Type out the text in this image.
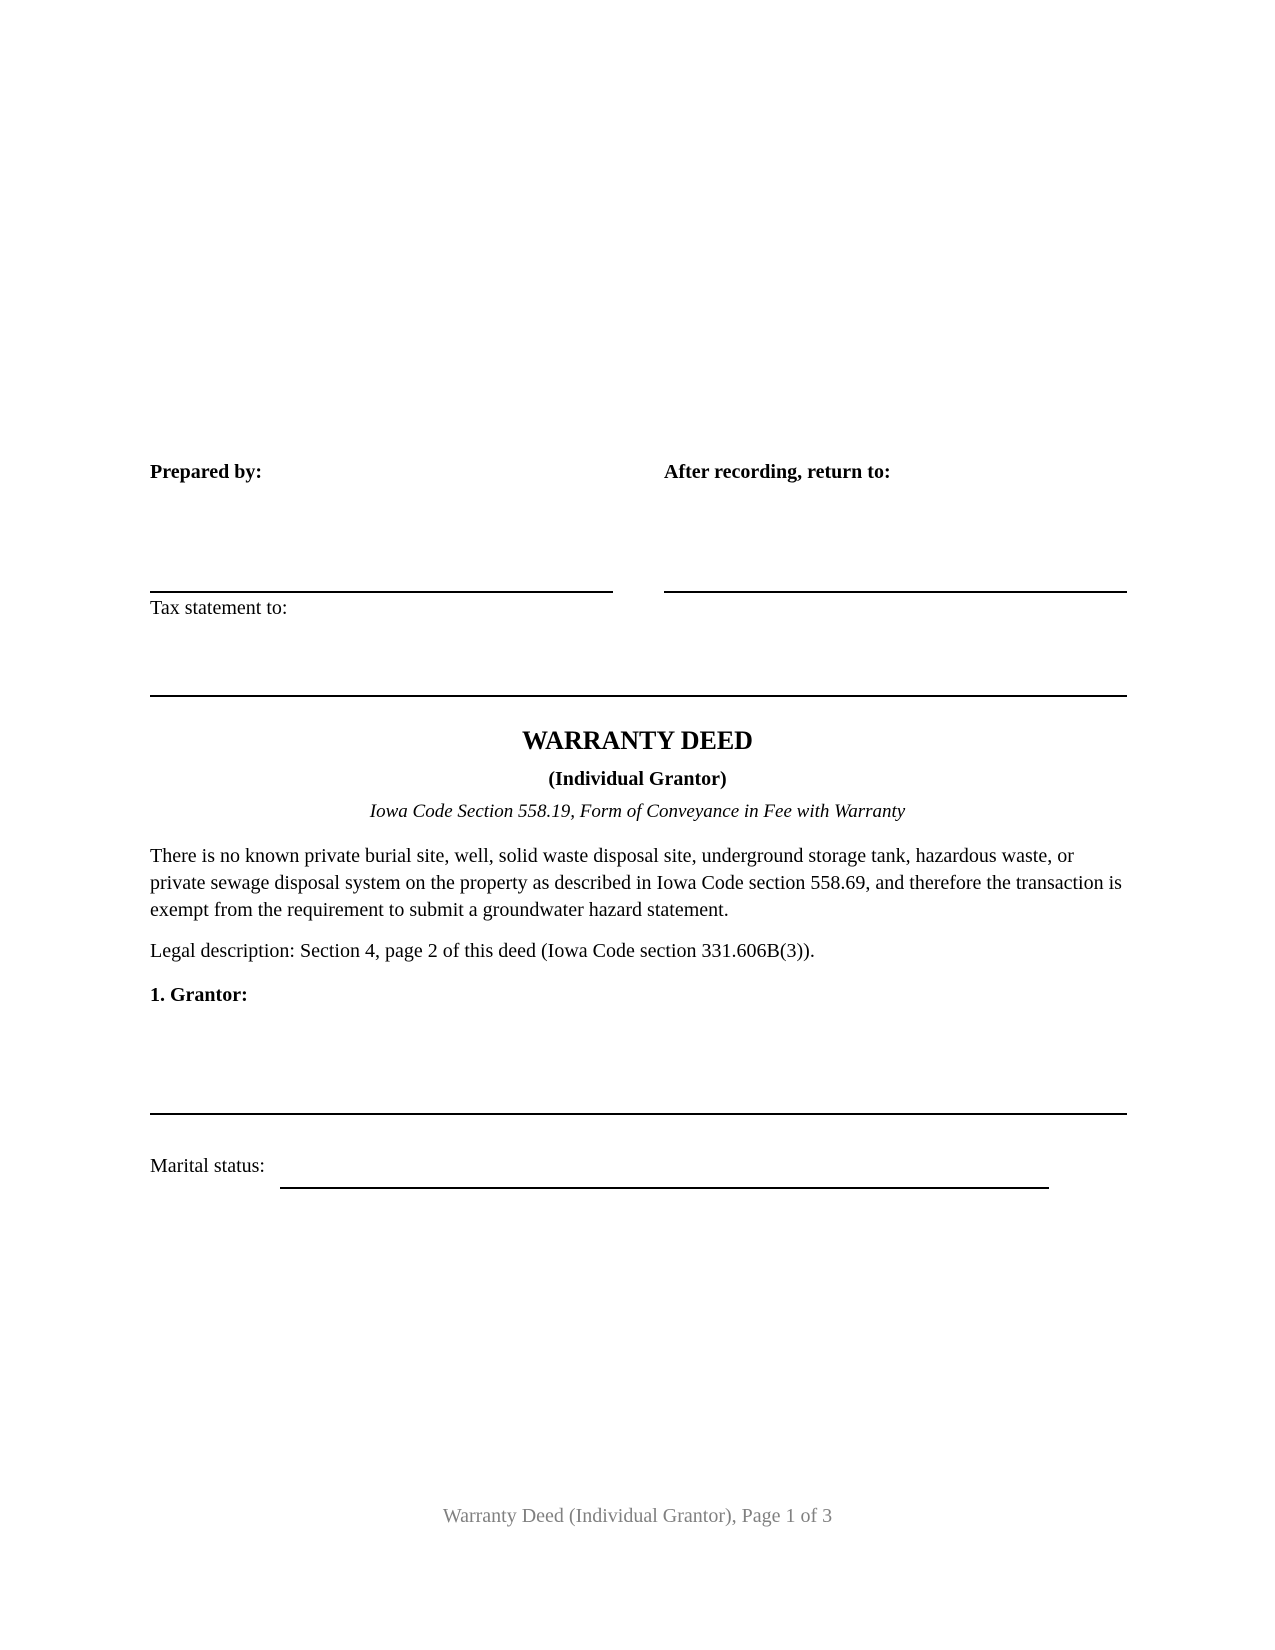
Prepared by:	After recording, return to:
Tax statement to:
WARRANTY DEED
(Individual Grantor)
Iowa Code Section 558.19, Form of Conveyance in Fee with Warranty
There is no known private burial site, well, solid waste disposal site, underground storage tank, hazardous waste, or private sewage disposal system on the property as described in Iowa Code section 558.69, and therefore the transaction is exempt from the requirement to submit a groundwater hazard statement.
Legal description: Section 4, page 2 of this deed (Iowa Code section 331.606B(3)).
1. Grantor:
Marital status:
Warranty Deed (Individual Grantor), Page 1 of 3
